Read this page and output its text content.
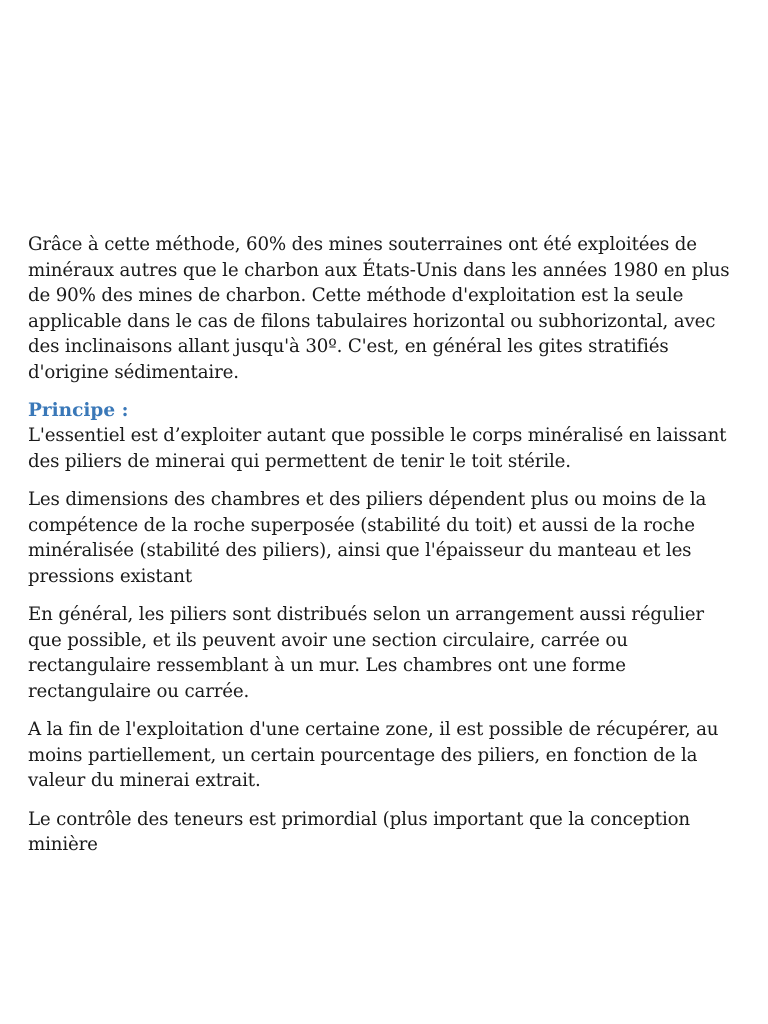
Grâce à cette méthode, 60% des mines souterraines ont été exploitées de minéraux autres que le charbon aux États-Unis dans les années 1980 en plus de 90% des mines de charbon. Cette méthode d'exploitation est la seule applicable dans le cas de filons tabulaires horizontal ou subhorizontal, avec des inclinaisons allant jusqu'à 30º. C'est, en général les gites stratifiés d'origine sédimentaire.

Principe :

L'essentiel est d’exploiter autant que possible le corps minéralisé en laissant des piliers de minerai qui permettent de tenir le toit stérile.

Les dimensions des chambres et des piliers dépendent plus ou moins de la compétence de la roche superposée (stabilité du toit) et aussi de la roche minéralisée (stabilité des piliers), ainsi que l'épaisseur du manteau et les pressions existant

En général, les piliers sont distribués selon un arrangement aussi régulier que possible, et ils peuvent avoir une section circulaire, carrée ou rectangulaire ressemblant à un mur. Les chambres ont une forme rectangulaire ou carrée.

A la fin de l'exploitation d'une certaine zone, il est possible de récupérer, au moins partiellement, un certain pourcentage des piliers, en fonction de la valeur du minerai extrait.

Le contrôle des teneurs est primordial (plus important que la conception minière
